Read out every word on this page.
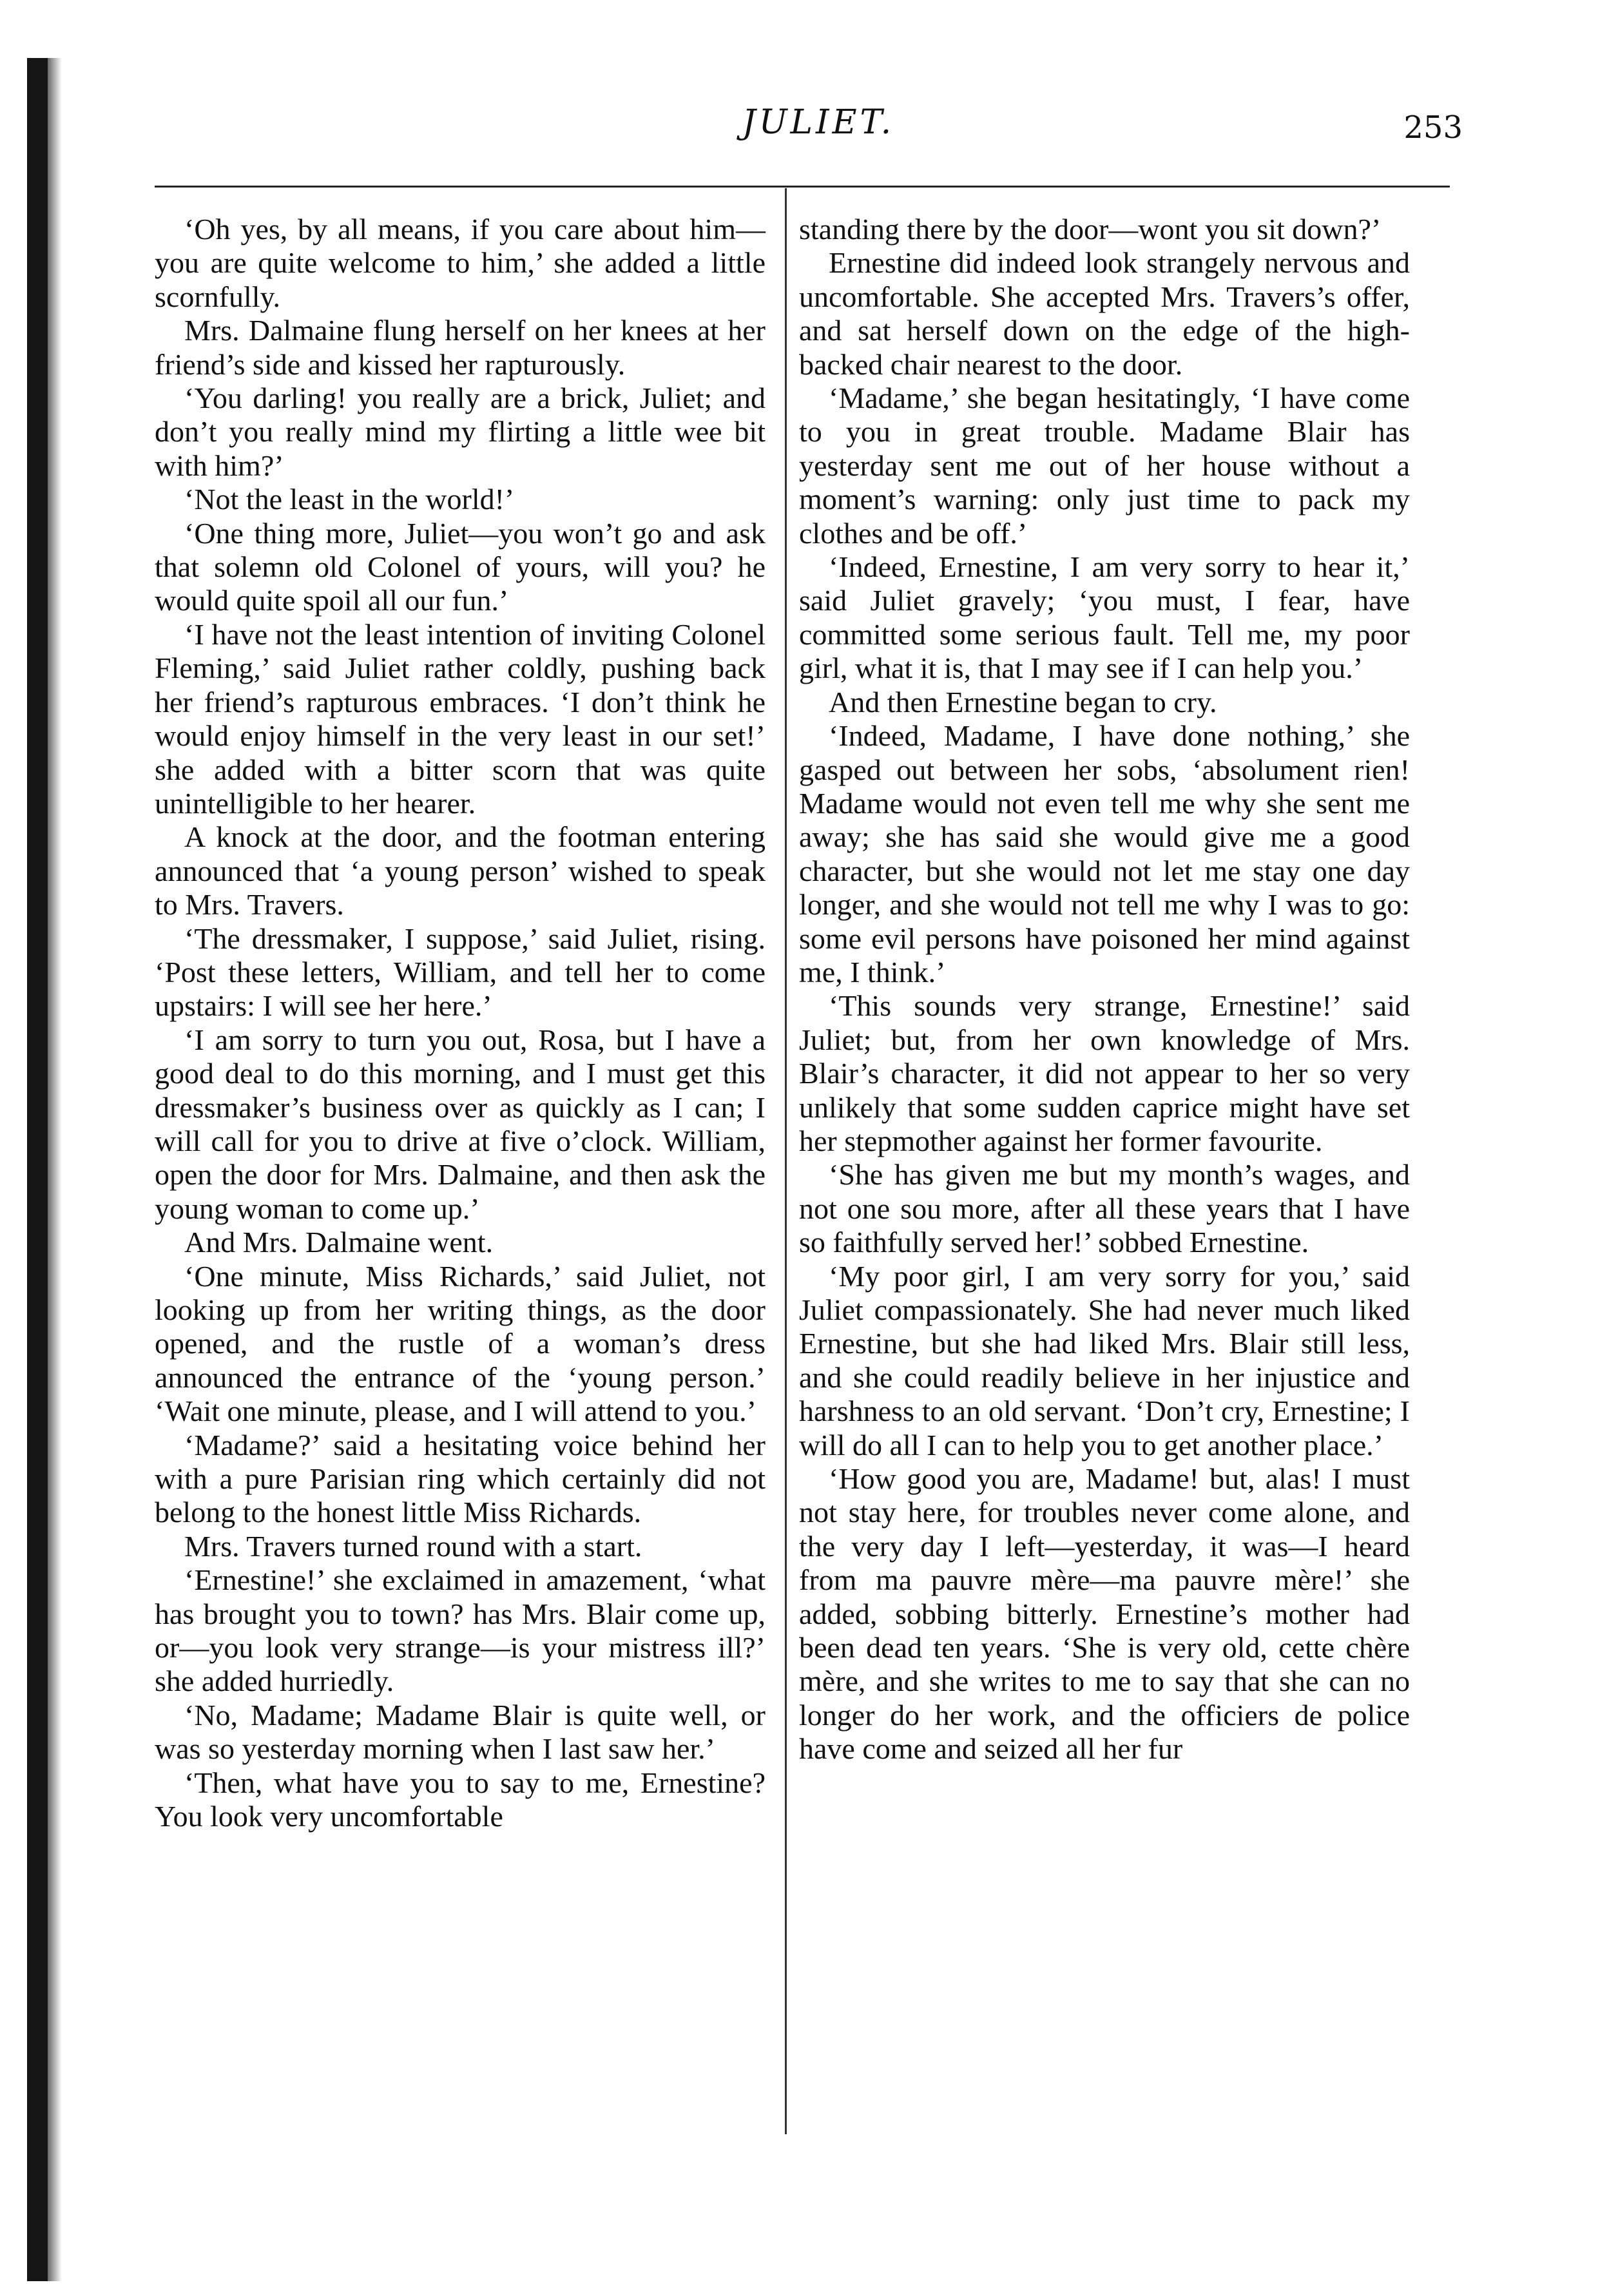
JULIET.	253

‘Oh yes, by all means, if you care about him—you are quite welcome to him,’ she added a little scornfully.

Mrs. Dalmaine flung herself on her knees at her friend’s side and kissed her rapturously.

‘You darling! you really are a brick, Juliet; and don’t you really mind my flirting a little wee bit with him?’

‘Not the least in the world!’

‘One thing more, Juliet—you won’t go and ask that solemn old Colonel of yours, will you? he would quite spoil all our fun.’

‘I have not the least intention of inviting Colonel Fleming,’ said Juliet rather coldly, pushing back her friend’s rapturous embraces. ‘I don’t think he would enjoy himself in the very least in our set!’ she added with a bitter scorn that was quite unintelligible to her hearer.

A knock at the door, and the footman entering announced that ‘a young person’ wished to speak to Mrs. Travers.

‘The dressmaker, I suppose,’ said Juliet, rising. ‘Post these letters, William, and tell her to come upstairs: I will see her here.’

‘I am sorry to turn you out, Rosa, but I have a good deal to do this morning, and I must get this dressmaker’s business over as quickly as I can; I will call for you to drive at five o’clock. William, open the door for Mrs. Dalmaine, and then ask the young woman to come up.’

And Mrs. Dalmaine went.

‘One minute, Miss Richards,’ said Juliet, not looking up from her writing things, as the door opened, and the rustle of a woman’s dress announced the entrance of the ‘young person.’ ‘Wait one minute, please, and I will attend to you.’

‘Madame?’ said a hesitating voice behind her with a pure Parisian ring which certainly did not belong to the honest little Miss Richards.

Mrs. Travers turned round with a start.

‘Ernestine!’ she exclaimed in amazement, ‘what has brought you to town? has Mrs. Blair come up, or—you look very strange—is your mistress ill?’ she added hurriedly.

‘No, Madame; Madame Blair is quite well, or was so yesterday morning when I last saw her.’

‘Then, what have you to say to me, Ernestine? You look very uncomfortable

standing there by the door—wont you sit down?’

Ernestine did indeed look strangely nervous and uncomfortable. She accepted Mrs. Travers’s offer, and sat herself down on the edge of the high-backed chair nearest to the door.

‘Madame,’ she began hesitatingly, ‘I have come to you in great trouble. Madame Blair has yesterday sent me out of her house without a moment’s warning: only just time to pack my clothes and be off.’

‘Indeed, Ernestine, I am very sorry to hear it,’ said Juliet gravely; ‘you must, I fear, have committed some serious fault. Tell me, my poor girl, what it is, that I may see if I can help you.’

And then Ernestine began to cry.

‘Indeed, Madame, I have done nothing,’ she gasped out between her sobs, ‘absolument rien! Madame would not even tell me why she sent me away; she has said she would give me a good character, but she would not let me stay one day longer, and she would not tell me why I was to go: some evil persons have poisoned her mind against me, I think.’

‘This sounds very strange, Ernestine!’ said Juliet; but, from her own knowledge of Mrs. Blair’s character, it did not appear to her so very unlikely that some sudden caprice might have set her stepmother against her former favourite.

‘She has given me but my month’s wages, and not one sou more, after all these years that I have so faithfully served her!’ sobbed Ernestine.

‘My poor girl, I am very sorry for you,’ said Juliet compassionately. She had never much liked Ernestine, but she had liked Mrs. Blair still less, and she could readily believe in her injustice and harshness to an old servant. ‘Don’t cry, Ernestine; I will do all I can to help you to get another place.’

‘How good you are, Madame! but, alas! I must not stay here, for troubles never come alone, and the very day I left—yesterday, it was—I heard from ma pauvre mère—ma pauvre mère!’ she added, sobbing bitterly. Ernestine’s mother had been dead ten years. ‘She is very old, cette chère mère, and she writes to me to say that she can no longer do her work, and the officiers de police have come and seized all her fur
